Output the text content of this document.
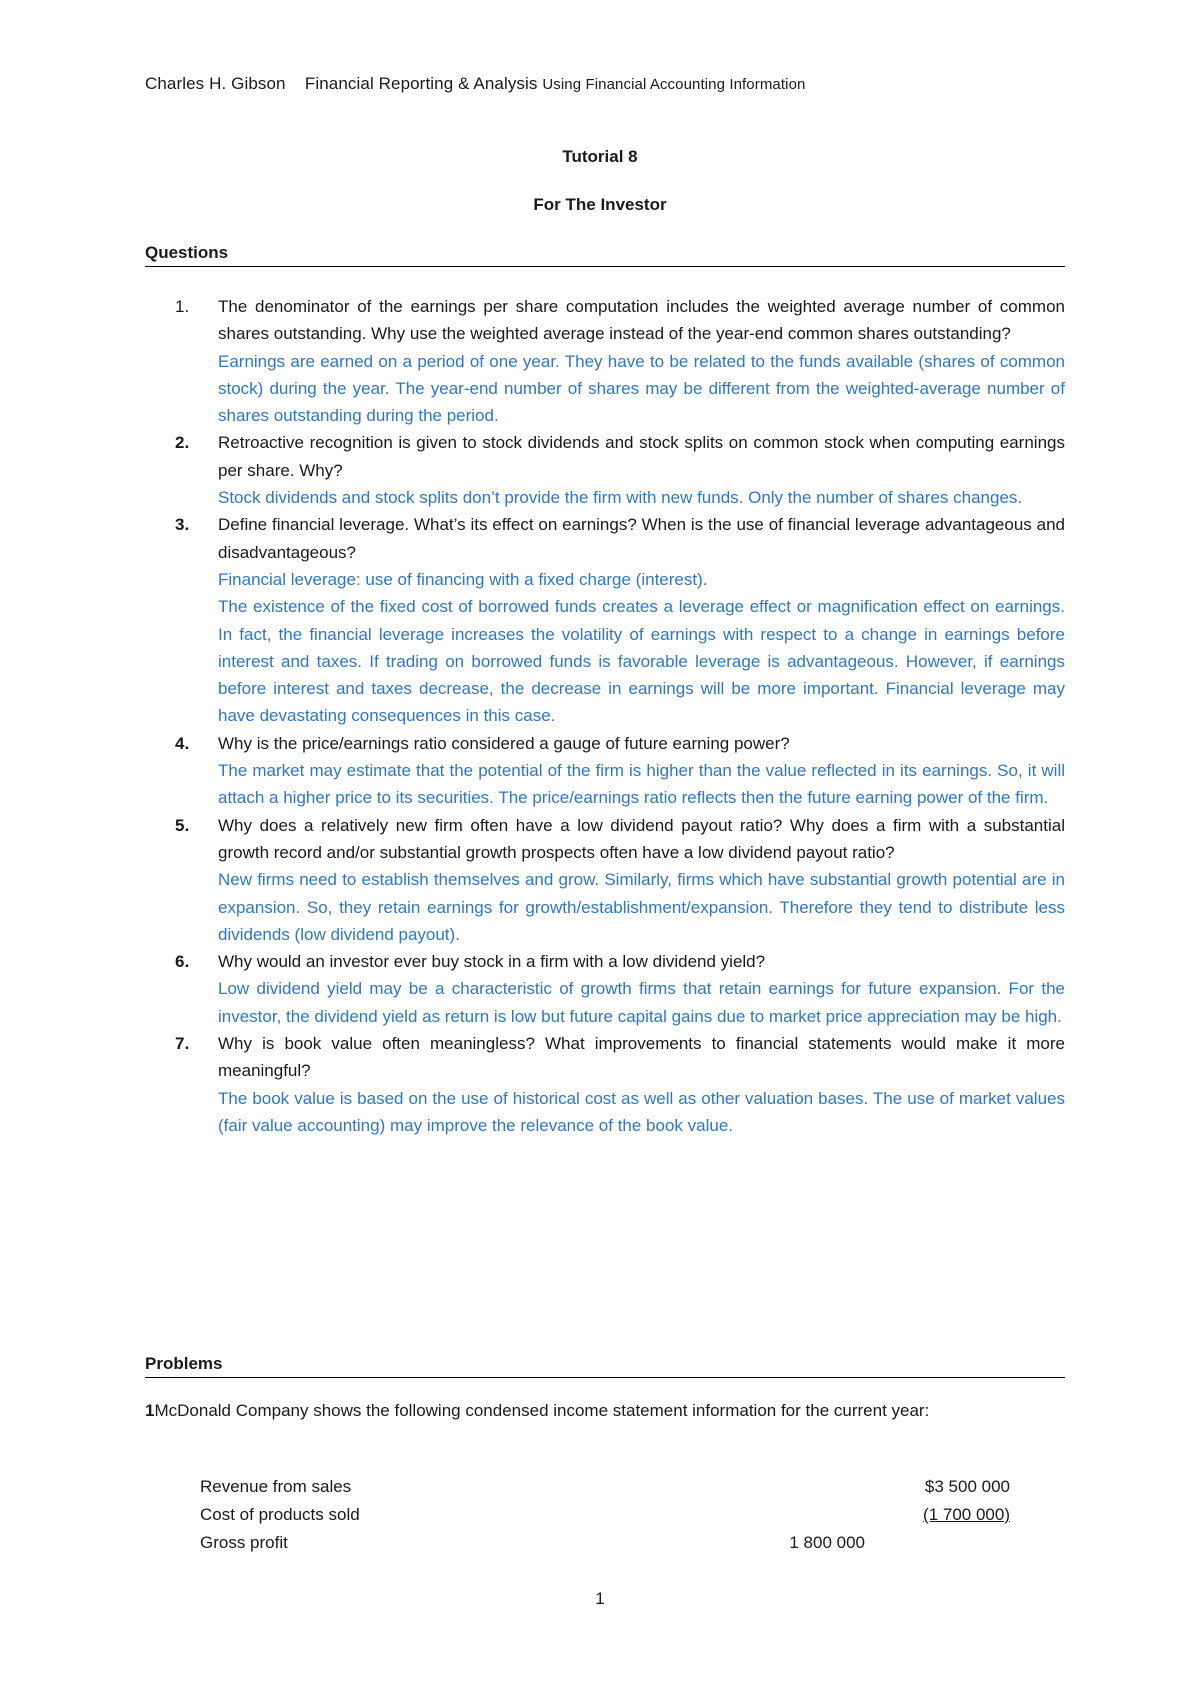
Charles H. Gibson Financial Reporting & Analysis Using Financial Accounting Information
Tutorial 8
For The Investor
Questions
1.	The denominator of the earnings per share computation includes the weighted average number of common shares outstanding. Why use the weighted average instead of the year-end common shares outstanding?
Earnings are earned on a period of one year. They have to be related to the funds available (shares of common stock) during the year. The year-end number of shares may be different from the weighted-average number of shares outstanding during the period.
2.	Retroactive recognition is given to stock dividends and stock splits on common stock when computing earnings per share. Why?
Stock dividends and stock splits don’t provide the firm with new funds. Only the number of shares changes.
3.	Define financial leverage. What’s its effect on earnings? When is the use of financial leverage advantageous and disadvantageous?
Financial leverage: use of financing with a fixed charge (interest).
The existence of the fixed cost of borrowed funds creates a leverage effect or magnification effect on earnings. In fact, the financial leverage increases the volatility of earnings with respect to a change in earnings before interest and taxes. If trading on borrowed funds is favorable leverage is advantageous. However, if earnings before interest and taxes decrease, the decrease in earnings will be more important. Financial leverage may have devastating consequences in this case.
4.	Why is the price/earnings ratio considered a gauge of future earning power?
The market may estimate that the potential of the firm is higher than the value reflected in its earnings. So, it will attach a higher price to its securities. The price/earnings ratio reflects then the future earning power of the firm.
5.	Why does a relatively new firm often have a low dividend payout ratio? Why does a firm with a substantial growth record and/or substantial growth prospects often have a low dividend payout ratio?
New firms need to establish themselves and grow. Similarly, firms which have substantial growth potential are in expansion. So, they retain earnings for growth/establishment/expansion. Therefore they tend to distribute less dividends (low dividend payout).
6.	Why would an investor ever buy stock in a firm with a low dividend yield?
Low dividend yield may be a characteristic of growth firms that retain earnings for future expansion. For the investor, the dividend yield as return is low but future capital gains due to market price appreciation may be high.
7.	Why is book value often meaningless? What improvements to financial statements would make it more meaningful?
The book value is based on the use of historical cost as well as other valuation bases. The use of market values (fair value accounting) may improve the relevance of the book value.
Problems
1McDonald Company shows the following condensed income statement information for the current year:
Revenue from sales	$3 500 000
Cost of products sold	(1 700 000)
Gross profit	1 800 000
1
